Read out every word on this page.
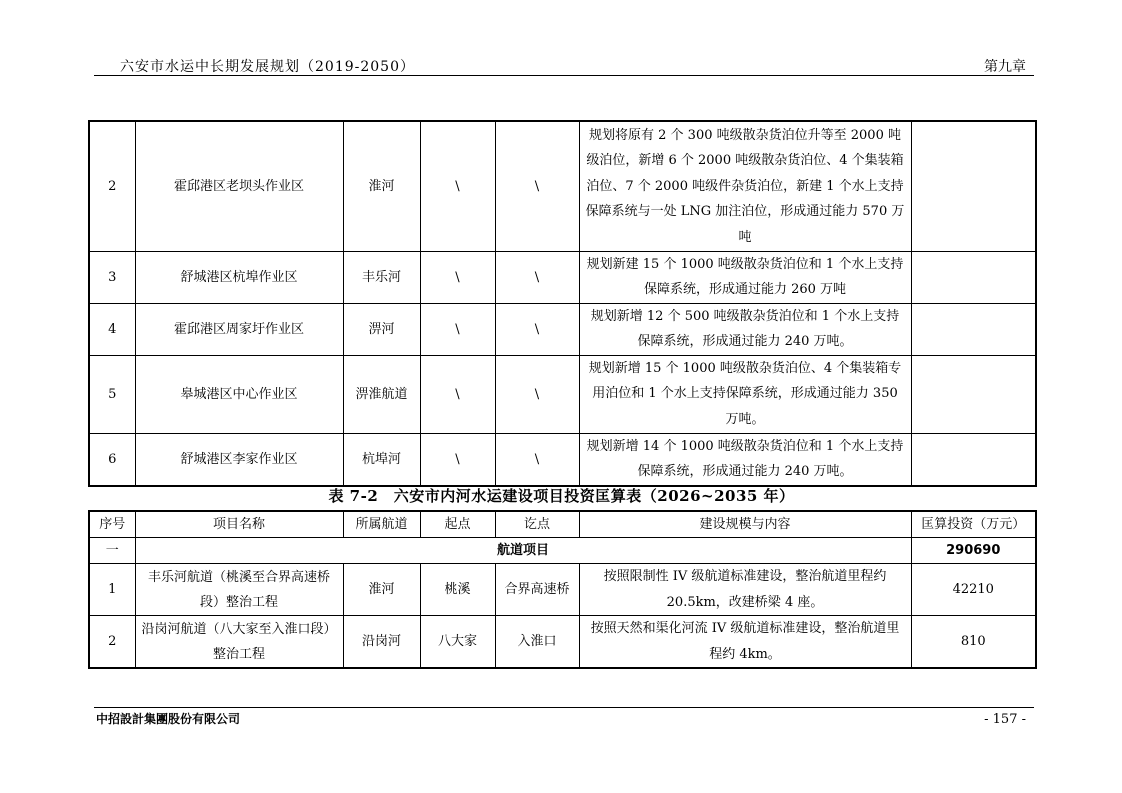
六安市水运中长期发展规划（2019-2050）	第九章
2	霍邱港区老坝头作业区	淮河	\	\	规划将原有 2 个 300 吨级散杂货泊位升等至 2000 吨级泊位，新增 6 个 2000 吨级散杂货泊位、4 个集装箱泊位、7 个 2000 吨级件杂货泊位，新建 1 个水上支持保障系统与一处 LNG 加注泊位，形成通过能力 570 万吨	
3	舒城港区杭埠作业区	丰乐河	\	\	规划新建 15 个 1000 吨级散杂货泊位和 1 个水上支持保障系统，形成通过能力 260 万吨	
4	霍邱港区周家圩作业区	淠河	\	\	规划新增 12 个 500 吨级散杂货泊位和 1 个水上支持保障系统，形成通过能力 240 万吨。	
5	皋城港区中心作业区	淠淮航道	\	\	规划新增 15 个 1000 吨级散杂货泊位、4 个集装箱专用泊位和 1 个水上支持保障系统，形成通过能力 350 万吨。	
6	舒城港区李家作业区	杭埠河	\	\	规划新增 14 个 1000 吨级散杂货泊位和 1 个水上支持保障系统，形成通过能力 240 万吨。	
表 7-2　六安市内河水运建设项目投资匡算表（2026~2035 年）
序号	项目名称	所属航道	起点	讫点	建设规模与内容	匡算投资（万元）
一	航道项目					290690
1	丰乐河航道（桃溪至合界高速桥段）整治工程	淮河	桃溪	合界高速桥	按照限制性 IV 级航道标准建设，整治航道里程约 20.5km，改建桥梁 4 座。	42210
2	沿岗河航道（八大家至入淮口段）整治工程	沿岗河	八大家	入淮口	按照天然和渠化河流 IV 级航道标准建设，整治航道里程约 4km。	810
中招設計集團股份有限公司	- 157 -
